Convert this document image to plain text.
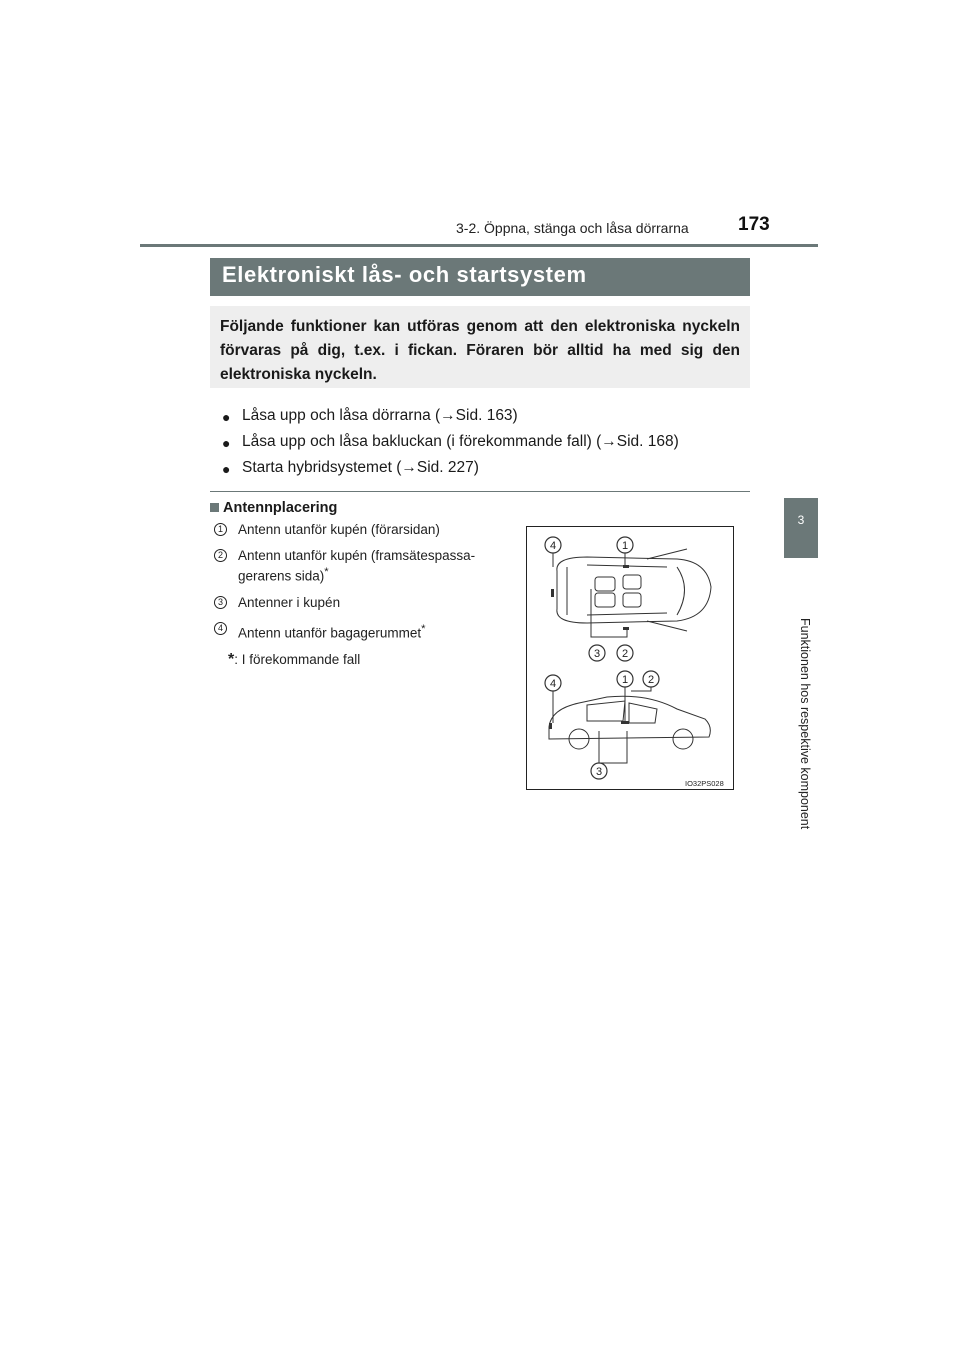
3-2. Öppna, stänga och låsa dörrarna	173
3
Funktionen hos respektive komponent
Elektroniskt lås- och startsystem
Följande funktioner kan utföras genom att den elektroniska nyckeln förvaras på dig, t.ex. i fickan. Föraren bör alltid ha med sig den elektroniska nyckeln.
● Låsa upp och låsa dörrarna (→Sid. 163)
● Låsa upp och låsa bakluckan (i förekommande fall) (→Sid. 168)
● Starta hybridsystemet (→Sid. 227)
Antennplacering
1 Antenn utanför kupén (förarsidan)
2 Antenn utanför kupén (framsätespassa-gerarens sida)*
3 Antenner i kupén
4 Antenn utanför bagagerummet*
*: I förekommande fall
4	1
3 2
4	1 2
3
IO32PS028
